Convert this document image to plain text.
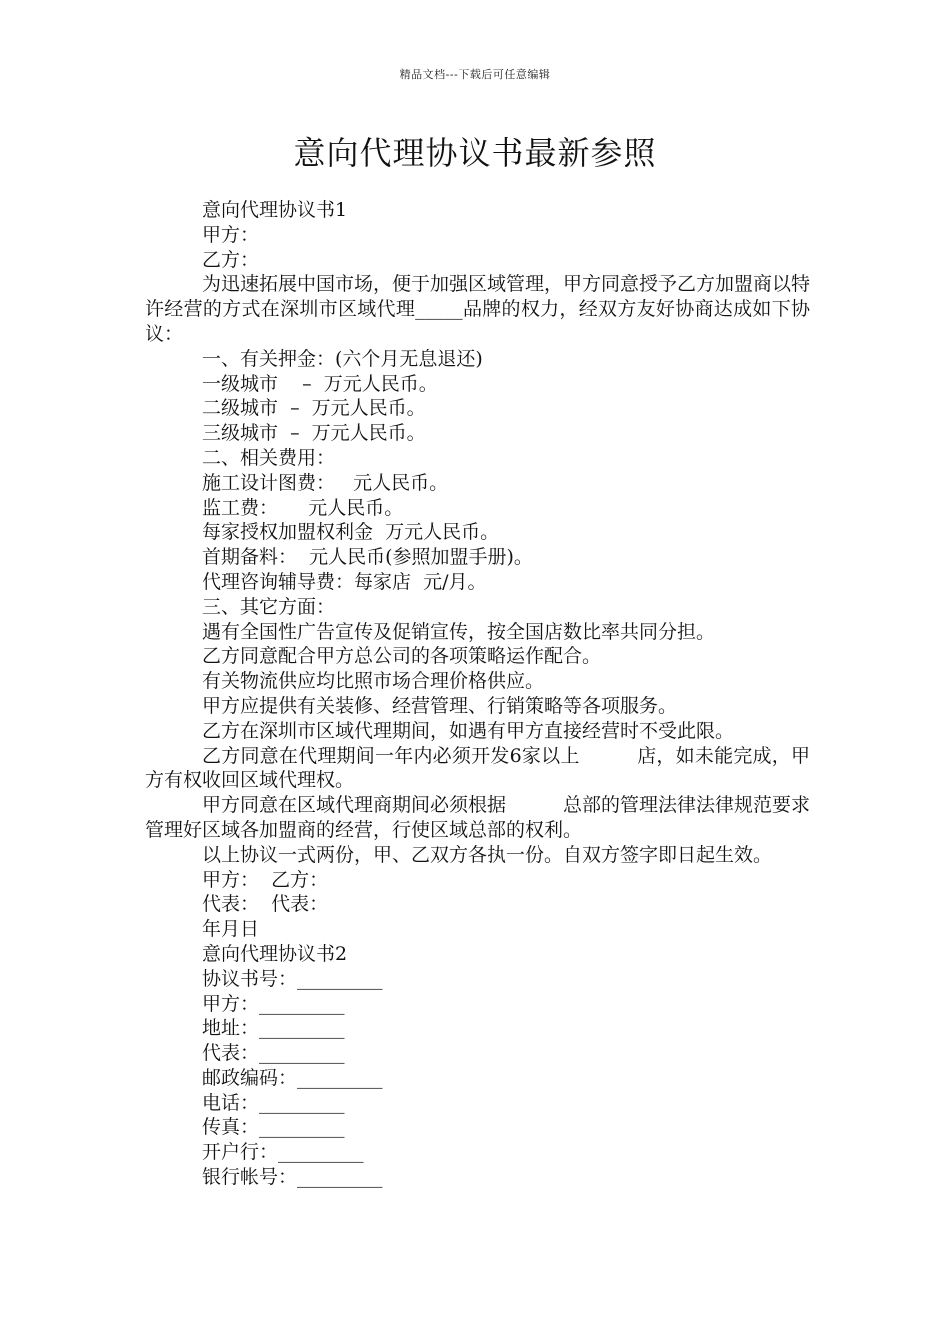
精品文档---下载后可任意编辑
意向代理协议书最新参照
意向代理协议书1
甲方：
乙方：
为迅速拓展中国市场，便于加强区域管理，甲方同意授予乙方加盟商以特许经营的方式在深圳市区域代理_____品牌的权力，经双方友好协商达成如下协议：
一、有关押金：(六个月无息退还)
一级城市    –  万元人民币。
二级城市  –  万元人民币。
三级城市  –  万元人民币。
二、相关费用：
施工设计图费：   元人民币。
监工费：     元人民币。
每家授权加盟权利金  万元人民币。
首期备料：  元人民币(参照加盟手册)。
代理咨询辅导费：每家店  元/月。
三、其它方面：
遇有全国性广告宣传及促销宣传，按全国店数比率共同分担。
乙方同意配合甲方总公司的各项策略运作配合。
有关物流供应均比照市场合理价格供应。
甲方应提供有关装修、经营管理、行销策略等各项服务。
乙方在深圳市区域代理期间，如遇有甲方直接经营时不受此限。
乙方同意在代理期间一年内必须开发6家以上　　　店，如未能完成，甲方有权收回区域代理权。
甲方同意在区域代理商期间必须根据　　　总部的管理法律法律规范要求管理好区域各加盟商的经营，行使区域总部的权利。
以上协议一式两份，甲、乙双方各执一份。自双方签字即日起生效。
甲方：  乙方：
代表：  代表：
年月日
意向代理协议书2
协议书号：_________
甲方：_________
地址：_________
代表：_________
邮政编码：_________
电话：_________
传真：_________
开户行：_________
银行帐号：_________
